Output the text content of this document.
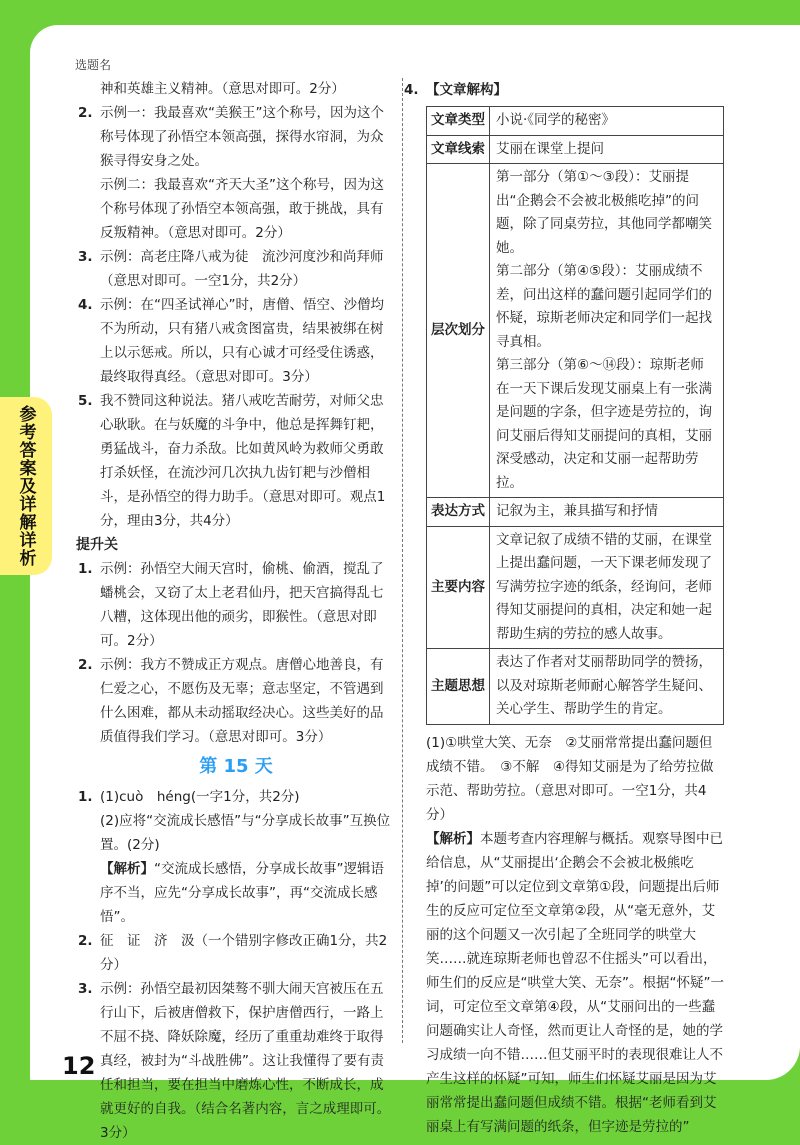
选题名
参考答案及详解详析
12

神和英雄主义精神。（意思对即可。2分）

2. 示例一：我最喜欢“美猴王”这个称号，因为这个称号体现了孙悟空本领高强，探得水帘洞，为众猴寻得安身之处。

示例二：我最喜欢“齐天大圣”这个称号，因为这个称号体现了孙悟空本领高强，敢于挑战，具有反叛精神。（意思对即可。2分）

3. 示例：高老庄降八戒为徒　流沙河度沙和尚拜师（意思对即可。一空1分，共2分）

4. 示例：在“四圣试禅心”时，唐僧、悟空、沙僧均不为所动，只有猪八戒贪图富贵，结果被绑在树上以示惩戒。所以，只有心诚才可经受住诱惑，最终取得真经。（意思对即可。3分）

5. 我不赞同这种说法。猪八戒吃苦耐劳，对师父忠心耿耿。在与妖魔的斗争中，他总是挥舞钉耙，勇猛战斗，奋力杀敌。比如黄风岭为救师父勇敢打杀妖怪，在流沙河几次执九齿钉耙与沙僧相斗，是孙悟空的得力助手。（意思对即可。观点1分，理由3分，共4分）

提升关

1. 示例：孙悟空大闹天宫时，偷桃、偷酒，搅乱了蟠桃会，又窃了太上老君仙丹，把天宫搞得乱七八糟，这体现出他的顽劣，即猴性。（意思对即可。2分）

2. 示例：我方不赞成正方观点。唐僧心地善良，有仁爱之心，不愿伤及无辜；意志坚定，不管遇到什么困难，都从未动摇取经决心。这些美好的品质值得我们学习。（意思对即可。3分）

第 15 天
1. (1)cuò　héng(一字1分，共2分)

(2)应将“交流成长感悟”与“分享成长故事”互换位置。(2分)

【解析】“交流成长感悟，分享成长故事”逻辑语序不当，应先“分享成长故事”，再“交流成长感悟”。

2. 征　证　济　汲（一个错别字修改正确1分，共2分）

3. 示例：孙悟空最初因桀骜不驯大闹天宫被压在五行山下，后被唐僧救下，保护唐僧西行，一路上不屈不挠、降妖除魔，经历了重重劫难终于取得真经，被封为“斗战胜佛”。这让我懂得了要有责任和担当，要在担当中磨炼心性，不断成长，成就更好的自我。（结合名著内容，言之成理即可。3分）

4. 【文章解构】

文章类型	小说·《同学的秘密》
文章线索	艾丽在课堂上提问
层次划分	第一部分（第①～③段）：艾丽提出“企鹅会不会被北极熊吃掉”的问题，除了同桌劳拉，其他同学都嘲笑她。

第二部分（第④⑤段）：艾丽成绩不差，问出这样的蠢问题引起同学们的怀疑，琼斯老师决定和同学们一起找寻真相。

第三部分（第⑥～⑭段）：琼斯老师在一天下课后发现艾丽桌上有一张满是问题的字条，但字迹是劳拉的，询问艾丽后得知艾丽提问的真相，艾丽深受感动，决定和艾丽一起帮助劳拉。

表达方式	记叙为主，兼具描写和抒情
主要内容	文章记叙了成绩不错的艾丽，在课堂上提出蠢问题，一天下课老师发现了写满劳拉字迹的纸条，经询问，老师得知艾丽提问的真相，决定和她一起帮助生病的劳拉的感人故事。
主题思想	表达了作者对艾丽帮助同学的赞扬，以及对琼斯老师耐心解答学生疑问、关心学生、帮助学生的肯定。

(1)①哄堂大笑、无奈　②艾丽常常提出蠢问题但成绩不错。　③不解　④得知艾丽是为了给劳拉做示范、帮助劳拉。（意思对即可。一空1分，共4分）

【解析】本题考查内容理解与概括。观察导图中已给信息，从“艾丽提出‘企鹅会不会被北极熊吃掉’的问题”可以定位到文章第①段，问题提出后师生的反应可定位至文章第②段，从“毫无意外，艾丽的这个问题又一次引起了全班同学的哄堂大笑……就连琼斯老师也曾忍不住摇头”可以看出，师生们的反应是“哄堂大笑、无奈”。根据“怀疑”一词，可定位至文章第④段，从“艾丽问出的一些蠢问题确实让人奇怪，然而更让人奇怪的是，她的学习成绩一向不错……但艾丽平时的表现很难让人不产生这样的怀疑”可知，师生们怀疑艾丽是因为艾丽常常提出蠢问题但成绩不错。根据“老师看到艾丽桌上有写满问题的纸条，但字迹是劳拉的”
